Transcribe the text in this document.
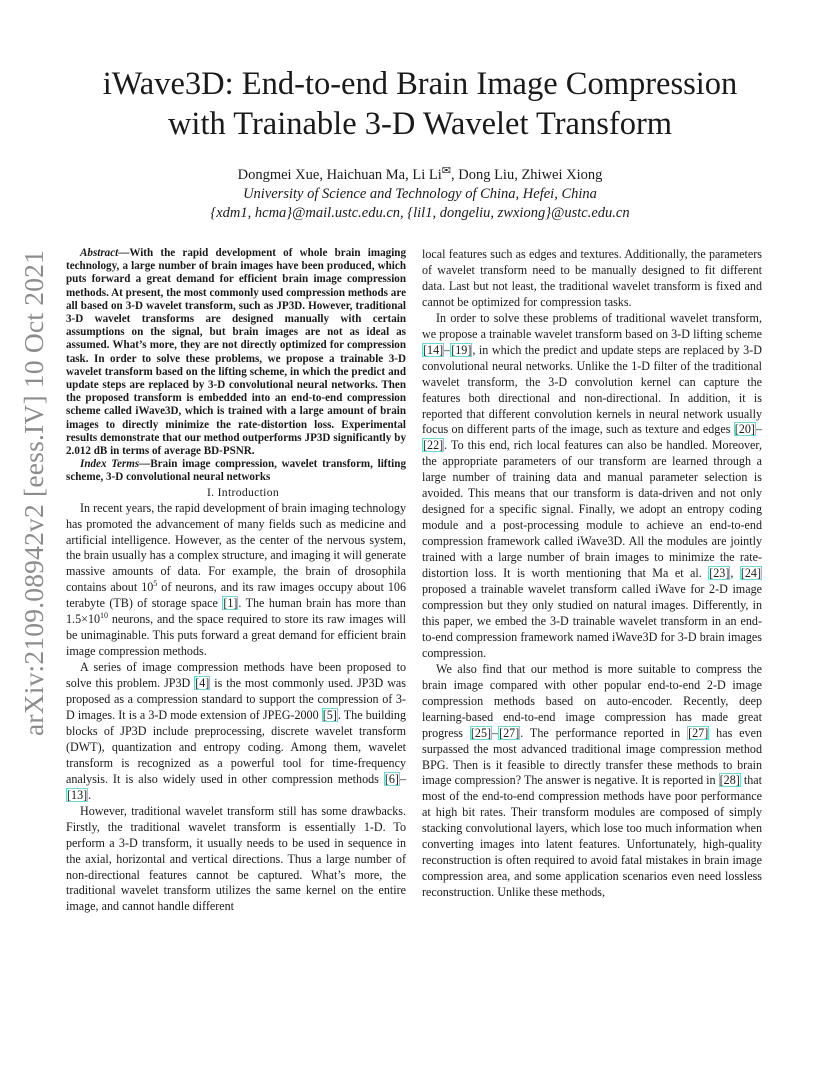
arXiv:2109.08942v2 [eess.IV] 10 Oct 2021
iWave3D: End-to-end Brain Image Compression
with Trainable 3-D Wavelet Transform
Dongmei Xue, Haichuan Ma, Li Li✉, Dong Liu, Zhiwei Xiong
University of Science and Technology of China, Hefei, China
{xdm1, hcma}@mail.ustc.edu.cn, {lil1, dongeliu, zwxiong}@ustc.edu.cn

Abstract—With the rapid development of whole brain imaging technology, a large number of brain images have been produced, which puts forward a great demand for efficient brain image compression methods. At present, the most commonly used compression methods are all based on 3-D wavelet transform, such as JP3D. However, traditional 3-D wavelet transforms are designed manually with certain assumptions on the signal, but brain images are not as ideal as assumed. What’s more, they are not directly optimized for compression task. In order to solve these problems, we propose a trainable 3-D wavelet transform based on the lifting scheme, in which the predict and update steps are replaced by 3-D convolutional neural networks. Then the proposed transform is embedded into an end-to-end compression scheme called iWave3D, which is trained with a large amount of brain images to directly minimize the rate-distortion loss. Experimental results demonstrate that our method outperforms JP3D significantly by 2.012 dB in terms of average BD-PSNR.

Index Terms—Brain image compression, wavelet transform, lifting scheme, 3-D convolutional neural networks

I. Introduction

In recent years, the rapid development of brain imaging technology has promoted the advancement of many fields such as medicine and artificial intelligence. However, as the center of the nervous system, the brain usually has a complex structure, and imaging it will generate massive amounts of data. For example, the brain of drosophila contains about $10^5$ of neurons, and its raw images occupy about 106 terabyte (TB) of storage space [1]. The human brain has more than $1.5\times 10^{10}$ neurons, and the space required to store its raw images will be unimaginable. This puts forward a great demand for efficient brain image compression methods.

A series of image compression methods have been proposed to solve this problem. JP3D [4] is the most commonly used. JP3D was proposed as a compression standard to support the compression of 3-D images. It is a 3-D mode extension of JPEG-2000 [5]. The building blocks of JP3D include preprocessing, discrete wavelet transform (DWT), quantization and entropy coding. Among them, wavelet transform is recognized as a powerful tool for time-frequency analysis. It is also widely used in other compression methods [6]–[13].

However, traditional wavelet transform still has some drawbacks. Firstly, the traditional wavelet transform is essentially 1-D. To perform a 3-D transform, it usually needs to be used in sequence in the axial, horizontal and vertical directions. Thus a large number of non-directional features cannot be captured. What’s more, the traditional wavelet transform utilizes the same kernel on the entire image, and cannot handle different

local features such as edges and textures. Additionally, the parameters of wavelet transform need to be manually designed to fit different data. Last but not least, the traditional wavelet transform is fixed and cannot be optimized for compression tasks.

In order to solve these problems of traditional wavelet transform, we propose a trainable wavelet transform based on 3-D lifting scheme [14]–[19], in which the predict and update steps are replaced by 3-D convolutional neural networks. Unlike the 1-D filter of the traditional wavelet transform, the 3-D convolution kernel can capture the features both directional and non-directional. In addition, it is reported that different convolution kernels in neural network usually focus on different parts of the image, such as texture and edges [20]–[22]. To this end, rich local features can also be handled. Moreover, the appropriate parameters of our transform are learned through a large number of training data and manual parameter selection is avoided. This means that our transform is data-driven and not only designed for a specific signal. Finally, we adopt an entropy coding module and a post-processing module to achieve an end-to-end compression framework called iWave3D. All the modules are jointly trained with a large number of brain images to minimize the rate-distortion loss. It is worth mentioning that Ma et al. [23], [24] proposed a trainable wavelet transform called iWave for 2-D image compression but they only studied on natural images. Differently, in this paper, we embed the 3-D trainable wavelet transform in an end-to-end compression framework named iWave3D for 3-D brain images compression.

We also find that our method is more suitable to compress the brain image compared with other popular end-to-end 2-D image compression methods based on auto-encoder. Recently, deep learning-based end-to-end image compression has made great progress [25]–[27]. The performance reported in [27] has even surpassed the most advanced traditional image compression method BPG. Then is it feasible to directly transfer these methods to brain image compression? The answer is negative. It is reported in [28] that most of the end-to-end compression methods have poor performance at high bit rates. Their transform modules are composed of simply stacking convolutional layers, which lose too much information when converting images into latent features. Unfortunately, high-quality reconstruction is often required to avoid fatal mistakes in brain image compression area, and some application scenarios even need lossless reconstruction. Unlike these methods,
